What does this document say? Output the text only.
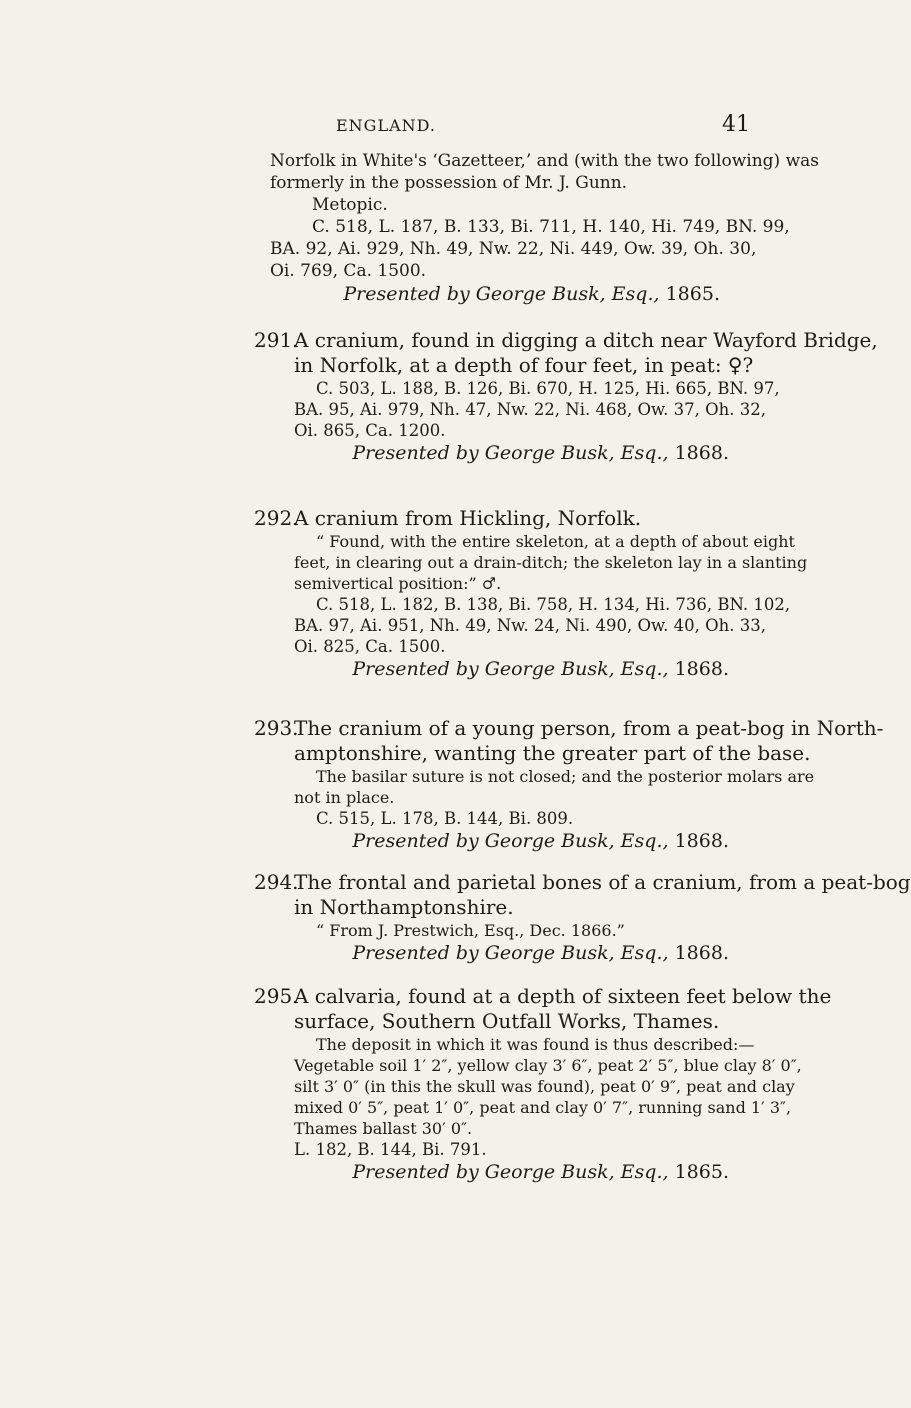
ENGLAND.	41
Norfolk in White's ‘Gazetteer,’ and (with the two following) was
formerly in the possession of Mr. J. Gunn.
Metopic.
C. 518, L. 187, B. 133, Bi. 711, H. 140, Hi. 749, BN. 99,
BA. 92, Ai. 929, Nh. 49, Nw. 22, Ni. 449, Ow. 39, Oh. 30,
Oi. 769, Ca. 1500.
Presented by George Busk, Esq., 1865.
291.A cranium, found in digging a ditch near Wayford Bridge,
in Norfolk, at a depth of four feet, in peat: ♀?
C. 503, L. 188, B. 126, Bi. 670, H. 125, Hi. 665, BN. 97,
BA. 95, Ai. 979, Nh. 47, Nw. 22, Ni. 468, Ow. 37, Oh. 32,
Oi. 865, Ca. 1200.
Presented by George Busk, Esq., 1868.
292.A cranium from Hickling, Norfolk.
“ Found, with the entire skeleton, at a depth of about eight
feet, in clearing out a drain-ditch; the skeleton lay in a slanting
semivertical position:” ♂.
C. 518, L. 182, B. 138, Bi. 758, H. 134, Hi. 736, BN. 102,
BA. 97, Ai. 951, Nh. 49, Nw. 24, Ni. 490, Ow. 40, Oh. 33,
Oi. 825, Ca. 1500.
Presented by George Busk, Esq., 1868.
293.The cranium of a young person, from a peat-bog in North-
amptonshire, wanting the greater part of the base.
The basilar suture is not closed; and the posterior molars are
not in place.
C. 515, L. 178, B. 144, Bi. 809.
Presented by George Busk, Esq., 1868.
294.The frontal and parietal bones of a cranium, from a peat-bog
in Northamptonshire.
“ From J. Prestwich, Esq., Dec. 1866.”
Presented by George Busk, Esq., 1868.
295.A calvaria, found at a depth of sixteen feet below the
surface, Southern Outfall Works, Thames.
The deposit in which it was found is thus described:—
Vegetable soil 1′ 2″, yellow clay 3′ 6″, peat 2′ 5″, blue clay 8′ 0″,
silt 3′ 0″ (in this the skull was found), peat 0′ 9″, peat and clay
mixed 0′ 5″, peat 1′ 0″, peat and clay 0′ 7″, running sand 1′ 3″,
Thames ballast 30′ 0″.
L. 182, B. 144, Bi. 791.
Presented by George Busk, Esq., 1865.
